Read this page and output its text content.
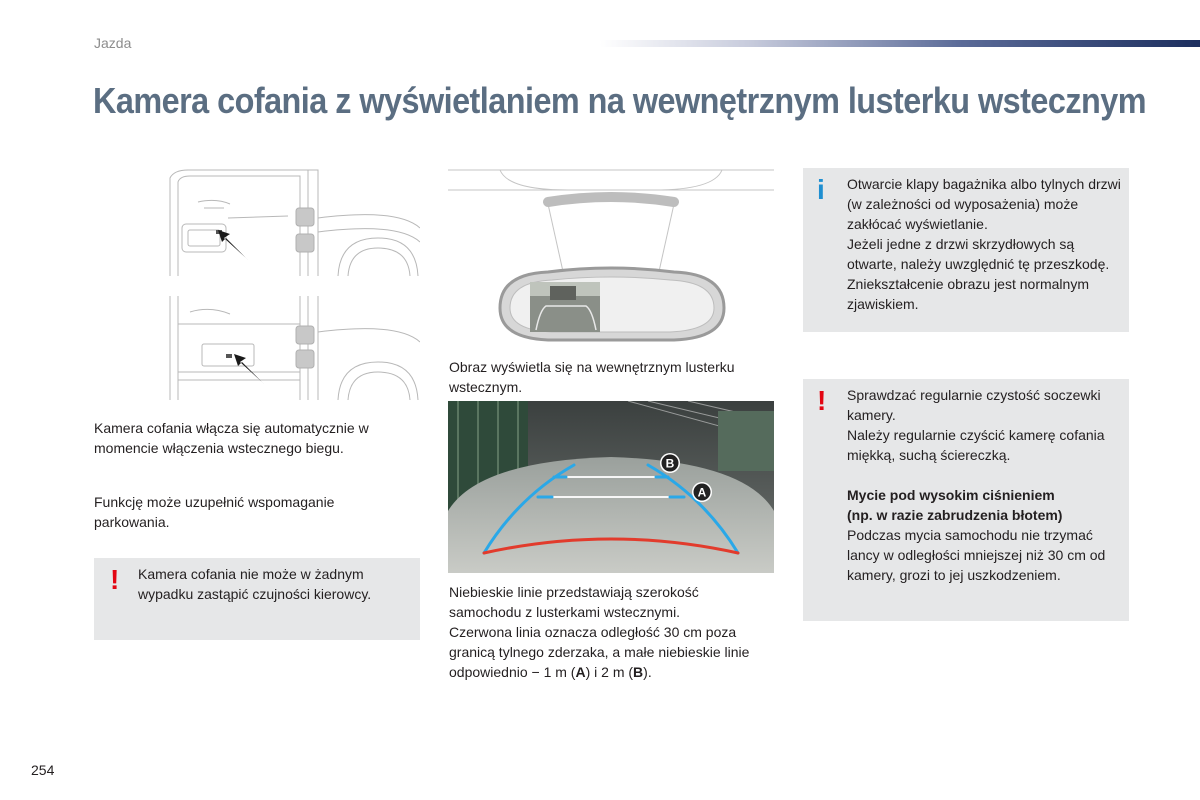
Jazda
Kamera cofania z wyświetlaniem na wewnętrznym lusterku wstecznym

Kamera cofania włącza się automatycznie w momencie włączenia wstecznego biegu.

Funkcję może uzupełnić wspomaganie parkowania.

! Kamera cofania nie może w żadnym wypadku zastąpić czujności kierowcy.
Obraz wyświetla się na wewnętrznym lusterku wstecznym.
B
A

Niebieskie linie przedstawiają szerokość samochodu z lusterkami wstecznymi.

Czerwona linia oznacza odległość 30 cm poza granicą tylnego zderzaka, a małe niebieskie linie odpowiednio − 1 m (A) i 2 m (B).

i Otwarcie klapy bagażnika albo tylnych drzwi (w zależności od wyposażenia) może zakłócać wyświetlanie.

Jeżeli jedne z drzwi skrzydłowych są otwarte, należy uwzględnić tę przeszkodę.

Zniekształcenie obrazu jest normalnym zjawiskiem.

! Sprawdzać regularnie czystość soczewki kamery.

Należy regularnie czyścić kamerę cofania miękką, suchą ściereczką.

Mycie pod wysokim ciśnieniem

(np. w razie zabrudzenia błotem)

Podczas mycia samochodu nie trzymać lancy w odległości mniejszej niż 30 cm od kamery, grozi to jej uszkodzeniem.

254
